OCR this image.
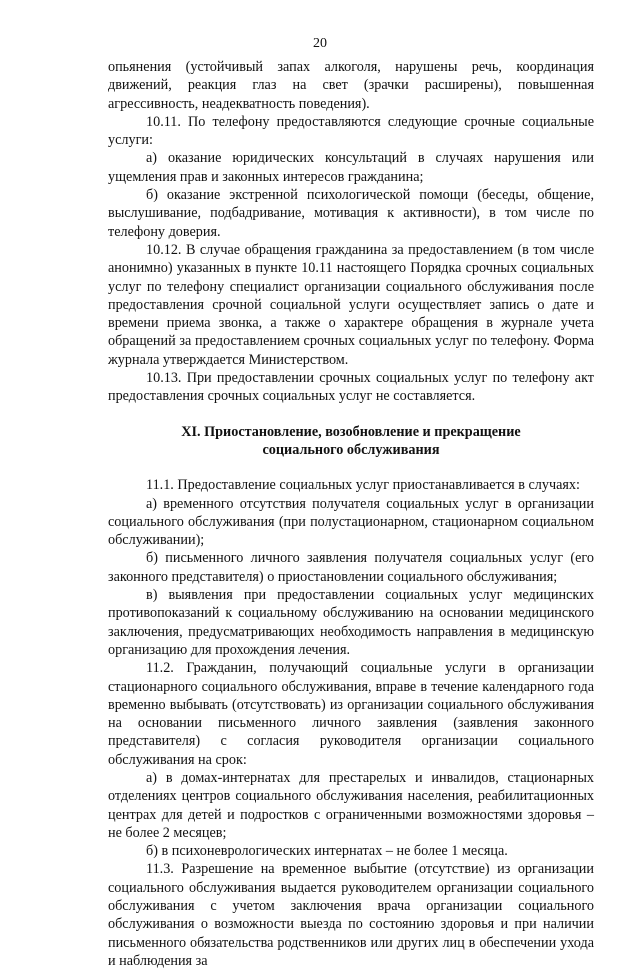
20

опьянения (устойчивый запах алкоголя, нарушены речь, координация движений, реакция глаз на свет (зрачки расширены), повышенная агрессивность, неадекватность поведения).

10.11. По телефону предоставляются следующие срочные социальные услуги:

а) оказание юридических консультаций в случаях нарушения или ущемления прав и законных интересов гражданина;

б) оказание экстренной психологической помощи (беседы, общение, выслушивание, подбадривание, мотивация к активности), в том числе по телефону доверия.

10.12. В случае обращения гражданина за предоставлением (в том числе анонимно) указанных в пункте 10.11 настоящего Порядка срочных социальных услуг по телефону специалист организации социального обслуживания после предоставления срочной социальной услуги осуществляет запись о дате и времени приема звонка, а также о характере обращения в журнале учета обращений за предоставлением срочных социальных услуг по телефону. Форма журнала утверждается Министерством.

10.13. При предоставлении срочных социальных услуг по телефону акт предоставления срочных социальных услуг не составляется.

XI. Приостановление, возобновление и прекращение

социального обслуживания

11.1. Предоставление социальных услуг приостанавливается в случаях:

а) временного отсутствия получателя социальных услуг в организации социального обслуживания (при полустационарном, стационарном социальном обслуживании);

б) письменного личного заявления получателя социальных услуг (его законного представителя) о приостановлении социального обслуживания;

в) выявления при предоставлении социальных услуг медицинских противопоказаний к социальному обслуживанию на основании медицинского заключения, предусматривающих необходимость направления в медицинскую организацию для прохождения лечения.

11.2. Гражданин, получающий социальные услуги в организации стационарного социального обслуживания, вправе в течение календарного года временно выбывать (отсутствовать) из организации социального обслуживания на основании письменного личного заявления (заявления законного представителя) с согласия руководителя организации социального обслуживания на срок:

а) в домах-интернатах для престарелых и инвалидов, стационарных отделениях центров социального обслуживания населения, реабилитационных центрах для детей и подростков с ограниченными возможностями здоровья – не более 2 месяцев;

б) в психоневрологических интернатах – не более 1 месяца.

11.3. Разрешение на временное выбытие (отсутствие) из организации социального обслуживания выдается руководителем организации социального обслуживания с учетом заключения врача организации социального обслуживания о возможности выезда по состоянию здоровья и при наличии письменного обязательства родственников или других лиц в обеспечении ухода и наблюдения за
